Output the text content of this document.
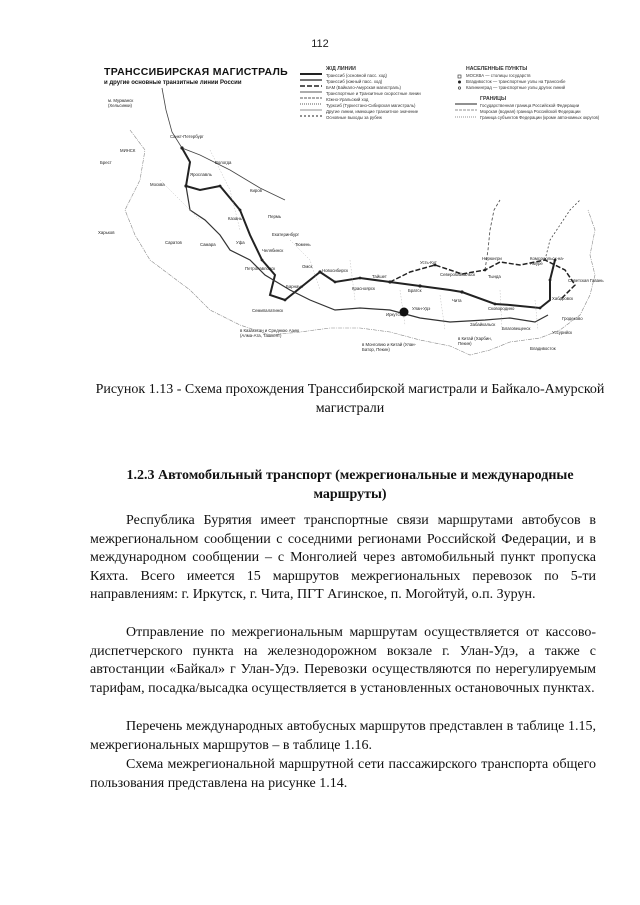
112
ТРАНССИБИРСКАЯ МАГИСТРАЛЬ
и другие основные транзитные линии России
Ж/Д ЛИНИИ
Транссиб (основной пасс. ход)
Транссиб (южный пасс. ход)
БАМ (Байкало-Амурская магистраль)
Транспортные и Транзитные скоростные линии
Южно-Уральский ход
Турксиб (Туркестано-Сибирская магистраль)
Другие линии, имеющие транзитное значение
Основные выходы за рубеж
НАСЕЛЕННЫЕ ПУНКТЫ
МОСКВА — столицы государств
Владивосток — транспортные узлы на Транссибе
Калининград — транспортные узлы других линий
ГРАНИЦЫ
Государственная граница Российской Федерации
Морская (водная) граница Российской Федерации
Граница субъектов Федерации (кроме автономных округов)
м. Мурманск (Хельсинки)
Санкт-Петербург
МИНСК
Брест
Москва
Ярославль
Вологда
Киров
Казань	Пермь
Екатеринбург
Уфа
Челябинск
Самара
Саратов
Харьков
Тюмень
Петропавловск	Омск
Барнаул
Новосибирск
Семипалатинск
в Казахстан и Среднюю Азию (Алма-Ата, Ташкент)
Красноярск
Тайшет
Братск
Усть-Кут
Иркутск
Улан-Удэ
Чита
Северобайкальск	Тында
Нерюнгри
Сковородино
Благовещенск
Хабаровск
Комсомольск-на-Амуре
Советская Гавань
Владивосток
Уссурийск
в Монголию и Китай (Улан-Батор, Пекин)
в Китай (Харбин, Пекин)
Забайкальск
Гродеково
Рисунок 1.13 - Схема прохождения Транссибирской магистрали и Байкало-Амурской магистрали
1.2.3 Автомобильный транспорт (межрегиональные и международные маршруты)
Республика Бурятия имеет транспортные связи маршрутами автобусов в межрегиональном сообщении с соседними регионами Российской Федерации, и в международном сообщении – с Монголией через автомобильный пункт пропуска Кяхта. Всего имеется 15 маршрутов межрегиональных перевозок по 5-ти направлениям: г. Иркутск, г. Чита, ПГТ Агинское, п. Могойтуй, о.п. Зурун.
Отправление по межрегиональным маршрутам осуществляется от кассово-диспетчерского пункта на железнодорожном вокзале г. Улан-Удэ, а также с автостанции «Байкал» г Улан-Удэ. Перевозки осуществляются по нерегулируемым тарифам, посадка/высадка осуществляется в установленных остановочных пунктах.
Перечень международных автобусных маршрутов представлен в таблице 1.15, межрегиональных маршрутов – в таблице 1.16.
Схема межрегиональной маршрутной сети пассажирского транспорта общего пользования представлена на рисунке 1.14.
